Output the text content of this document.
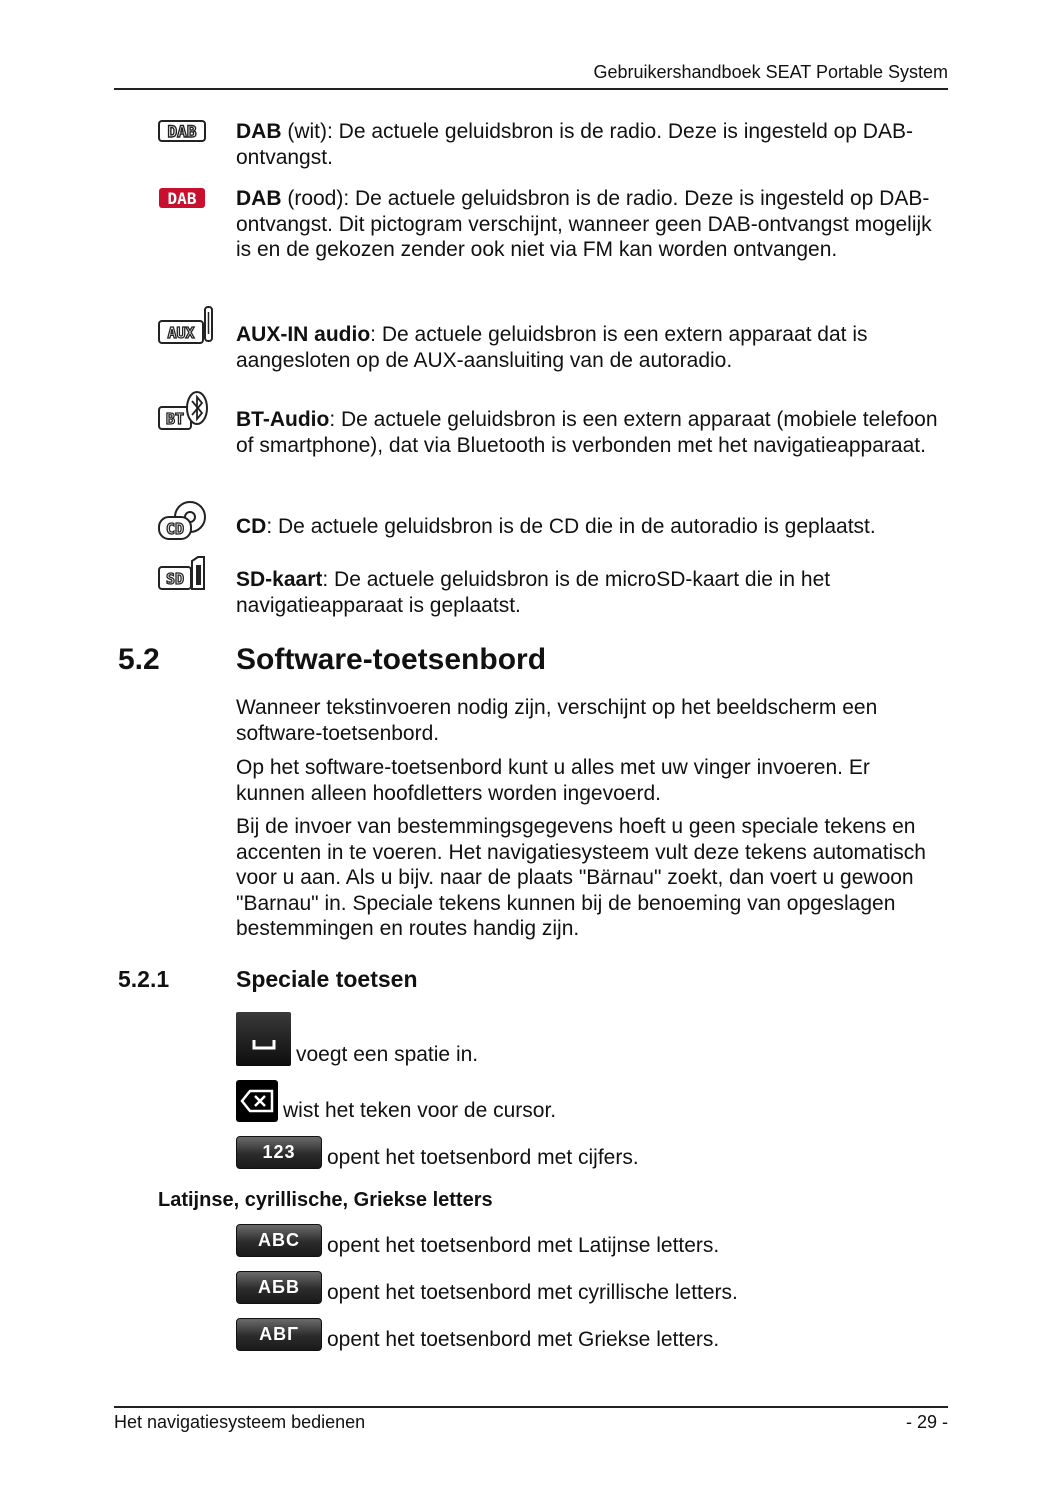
Gebruikershandboek SEAT Portable System
DAB DAB (wit): De actuele geluidsbron is de radio. Deze is ingesteld op DAB-ontvangst.
DAB DAB (rood): De actuele geluidsbron is de radio. Deze is ingesteld op DAB-ontvangst. Dit pictogram verschijnt, wanneer geen DAB-ontvangst mogelijk is en de gekozen zender ook niet via FM kan worden ontvangen.
AUX AUX-IN audio: De actuele geluidsbron is een extern apparaat dat is aangesloten op de AUX-aansluiting van de autoradio.
BT BT-Audio: De actuele geluidsbron is een extern apparaat (mobiele telefoon of smartphone), dat via Bluetooth is verbonden met het navigatieapparaat.
CD CD: De actuele geluidsbron is de CD die in de autoradio is geplaatst.
SD SD-kaart: De actuele geluidsbron is de microSD-kaart die in het navigatieapparaat is geplaatst.
5.2	Software-toetsenbord
Wanneer tekstinvoeren nodig zijn, verschijnt op het beeldscherm een software-toetsenbord.
Op het software-toetsenbord kunt u alles met uw vinger invoeren. Er kunnen alleen hoofdletters worden ingevoerd.
Bij de invoer van bestemmingsgegevens hoeft u geen speciale tekens en accenten in te voeren. Het navigatiesysteem vult deze tekens automatisch voor u aan. Als u bijv. naar de plaats "Bärnau" zoekt, dan voert u gewoon "Barnau" in. Speciale tekens kunnen bij de benoeming van opgeslagen bestemmingen en routes handig zijn.
5.2.1	Speciale toetsen
voegt een spatie in.
wist het teken voor de cursor.
123	opent het toetsenbord met cijfers.
Latijnse, cyrillische, Griekse letters
ABC	opent het toetsenbord met Latijnse letters.
АБВ	opent het toetsenbord met cyrillische letters.
ΑΒΓ	opent het toetsenbord met Griekse letters.
Het navigatiesysteem bedienen	- 29 -
